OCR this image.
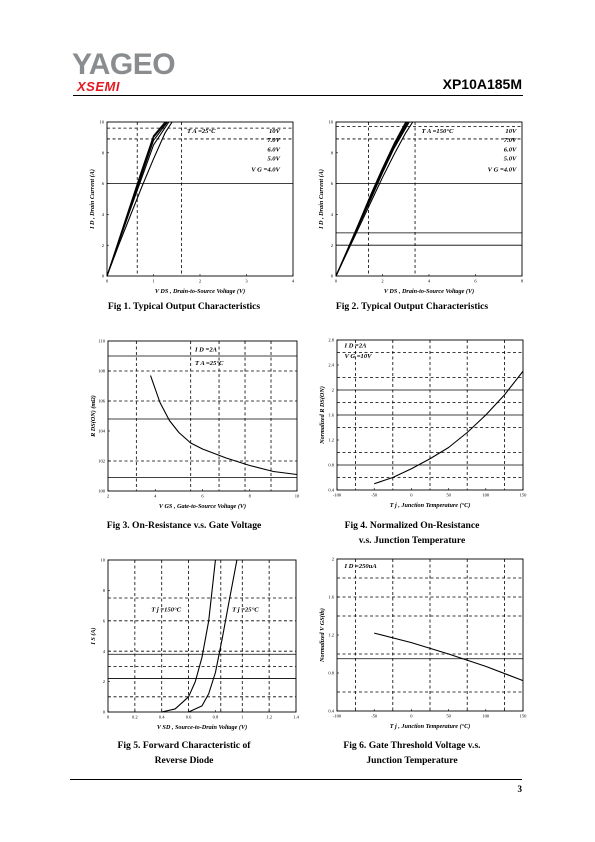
YAGEO
XSEMI	XP10A185M
0	1	2	3	4
0
2
4
6
8
10
T A =25°C	10V
7.0V
6.0V
5.0V
V G =4.0V
V DS , Drain-to-Source Voltage (V)
I D , Drain Current (A)
Fig 1. Typical Output Characteristics
0	2	4	6	8
0
2
4
6
8
10
T A =150°C	10V
7.0V
6.0V
5.0V
V G =4.0V
V DS , Drain-to-Source Voltage (V)
I D , Drain Current (A)
Fig 2. Typical Output Characteristics
2	4	6	8	10
100
102
104
106
108
110
I D =2A
T A =25°C
V GS , Gate-to-Source Voltage (V)
R DS(ON) (mΩ)
Fig 3. On-Resistance v.s. Gate Voltage
-100	-50	0	50	100	150
0.4
0.8
1.2
1.6
2
2.4
2.8
I D =2A
V G =10V
T j , Junction Temperature (°C)
Normalized R DS(ON)
Fig 4. Normalized On-Resistance
v.s. Junction Temperature
0	0.2	0.4	0.6	0.8	1	1.2	1.4
0
2
4
6
8
10
T j =150°C	T j =25°C
V SD , Source-to-Drain Voltage (V)
I S (A)
Fig 5. Forward Characteristic of
Reverse Diode
-100	-50	0	50	100	150
0.4
0.8
1.2
1.6
2
I D =250uA
T j , Junction Temperature (°C)
Normalized V GS(th)
Fig 6. Gate Threshold Voltage v.s.
Junction Temperature
3
